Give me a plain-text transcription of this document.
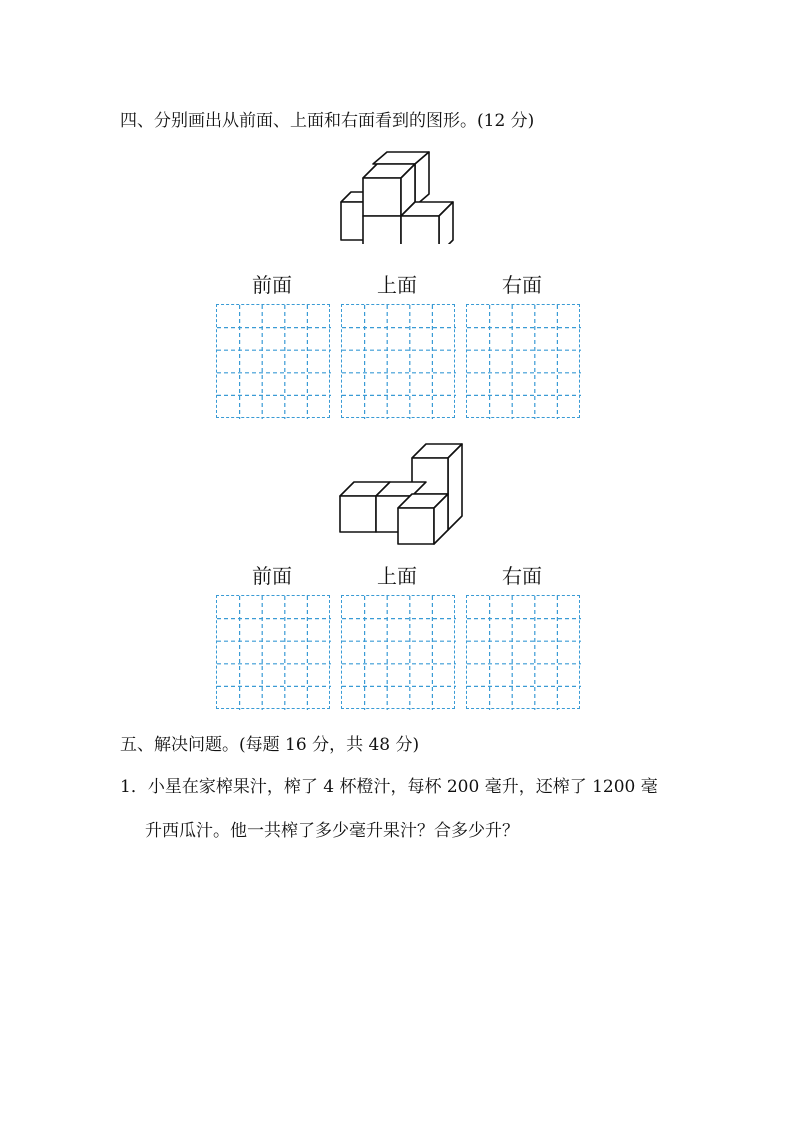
四、分别画出从前面、上面和右面看到的图形。(12 分)
前面	上面	右面
前面	上面	右面
五、解决问题。(每题 16 分，共 48 分)
1．小星在家榨果汁，榨了 4 杯橙汁，每杯 200 毫升，还榨了 1200 毫
升西瓜汁。他一共榨了多少毫升果汁？合多少升？
